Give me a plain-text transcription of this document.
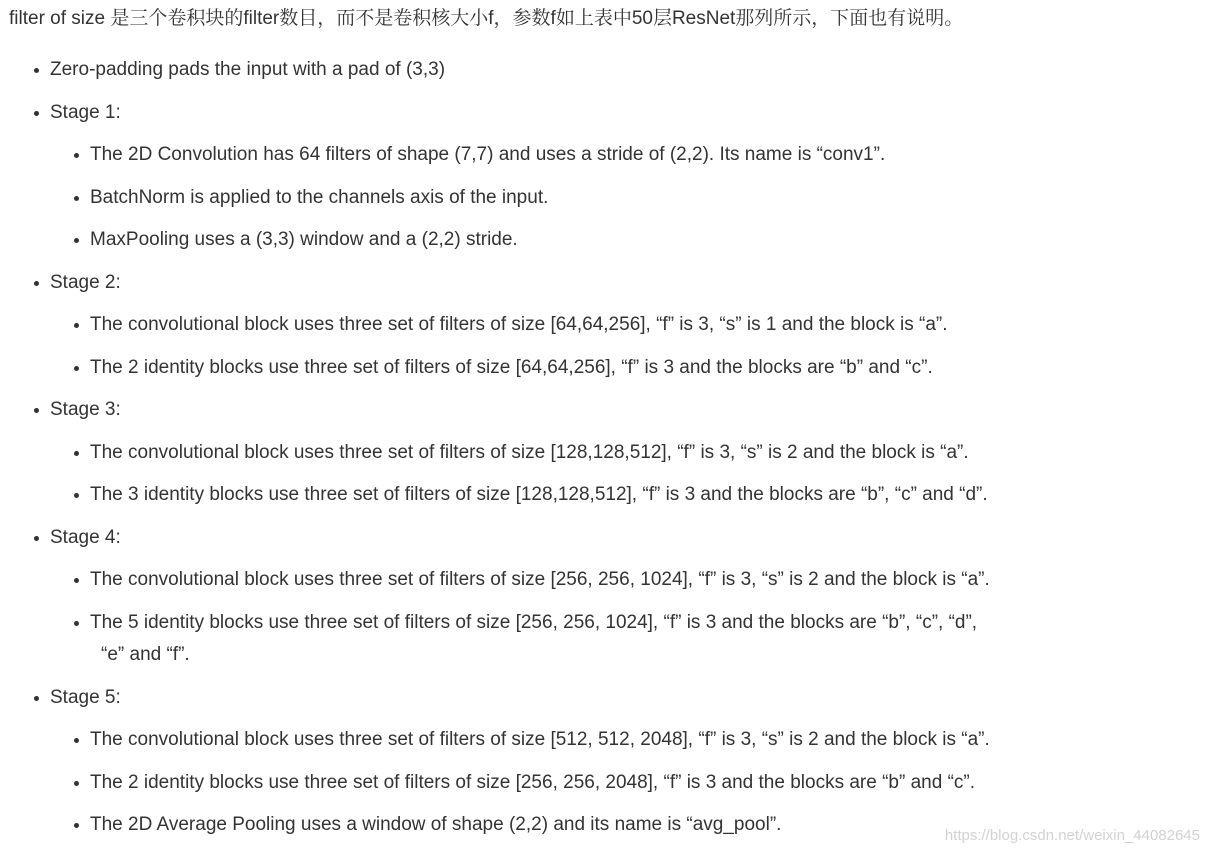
filter of size 是三个卷积块的filter数目，而不是卷积核大小f，参数f如上表中50层ResNet那列所示，下面也有说明。
Zero-padding pads the input with a pad of (3,3)
Stage 1:
The 2D Convolution has 64 filters of shape (7,7) and uses a stride of (2,2). Its name is “conv1”.
BatchNorm is applied to the channels axis of the input.
MaxPooling uses a (3,3) window and a (2,2) stride.
Stage 2:
The convolutional block uses three set of filters of size [64,64,256], “f” is 3, “s” is 1 and the block is “a”.
The 2 identity blocks use three set of filters of size [64,64,256], “f” is 3 and the blocks are “b” and “c”.
Stage 3:
The convolutional block uses three set of filters of size [128,128,512], “f” is 3, “s” is 2 and the block is “a”.
The 3 identity blocks use three set of filters of size [128,128,512], “f” is 3 and the blocks are “b”, “c” and “d”.
Stage 4:
The convolutional block uses three set of filters of size [256, 256, 1024], “f” is 3, “s” is 2 and the block is “a”.
The 5 identity blocks use three set of filters of size [256, 256, 1024], “f” is 3 and the blocks are “b”, “c”, “d”,
“e” and “f”.
Stage 5:
The convolutional block uses three set of filters of size [512, 512, 2048], “f” is 3, “s” is 2 and the block is “a”.
The 2 identity blocks use three set of filters of size [256, 256, 2048], “f” is 3 and the blocks are “b” and “c”.
The 2D Average Pooling uses a window of shape (2,2) and its name is “avg_pool”.
https://blog.csdn.net/weixin_44082645
